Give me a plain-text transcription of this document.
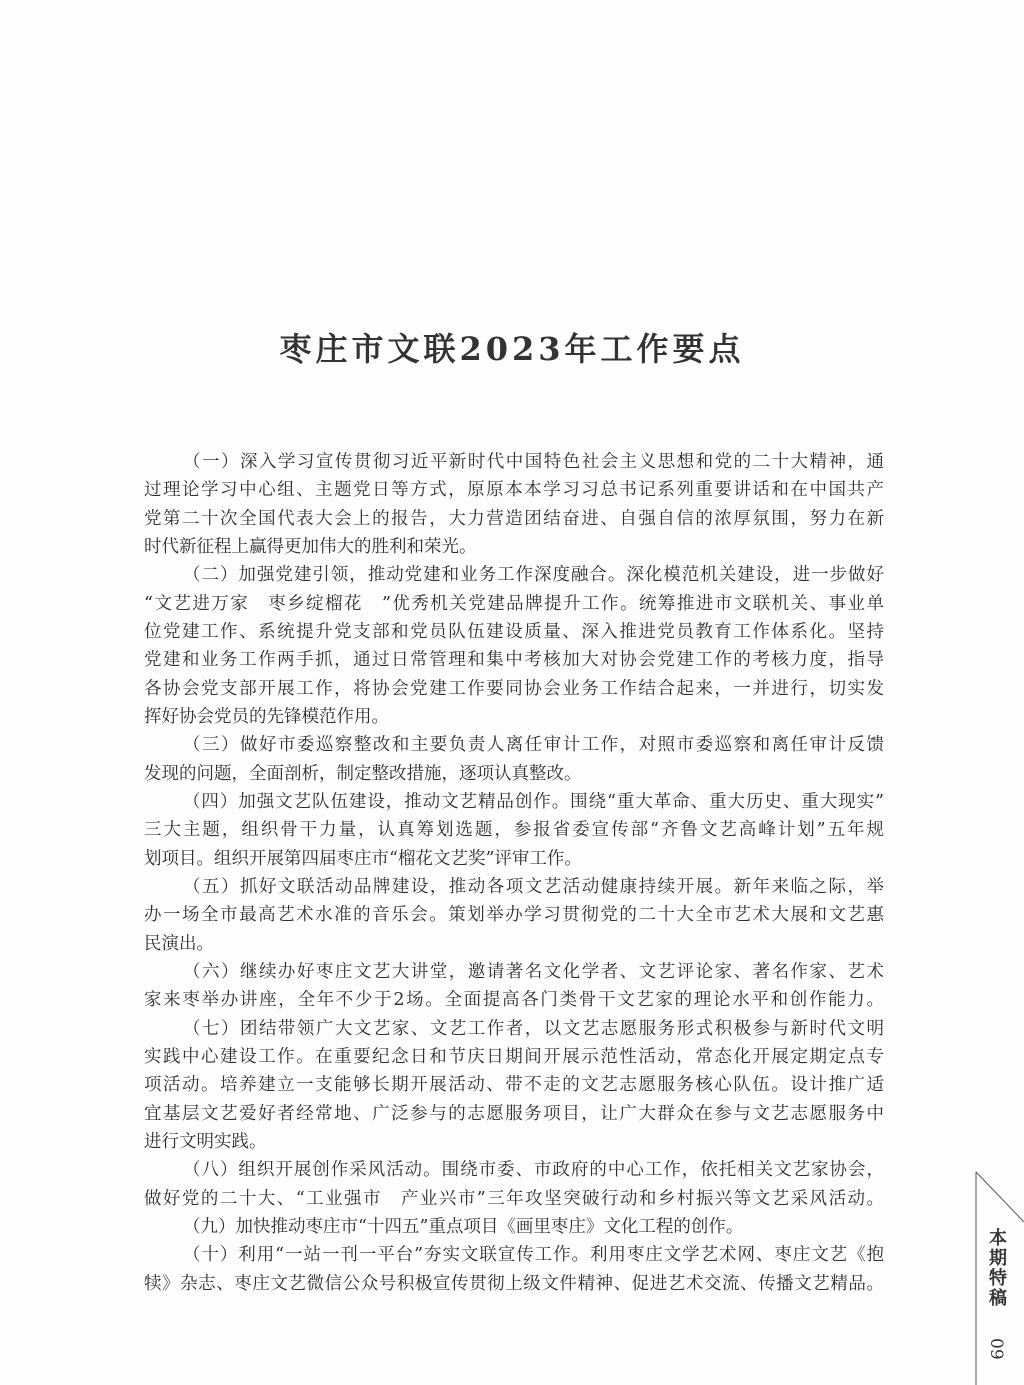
枣庄市文联2023年工作要点
（一）深入学习宣传贯彻习近平新时代中国特色社会主义思想和党的二十大精神，通
过理论学习中心组、主题党日等方式，原原本本学习习总书记系列重要讲话和在中国共产
党第二十次全国代表大会上的报告，大力营造团结奋进、自强自信的浓厚氛围，努力在新
时代新征程上赢得更加伟大的胜利和荣光。
（二）加强党建引领，推动党建和业务工作深度融合。深化模范机关建设，进一步做好
“文艺进万家　枣乡绽榴花　”优秀机关党建品牌提升工作。统筹推进市文联机关、事业单
位党建工作、系统提升党支部和党员队伍建设质量、深入推进党员教育工作体系化。坚持
党建和业务工作两手抓，通过日常管理和集中考核加大对协会党建工作的考核力度，指导
各协会党支部开展工作，将协会党建工作要同协会业务工作结合起来，一并进行，切实发
挥好协会党员的先锋模范作用。
（三）做好市委巡察整改和主要负责人离任审计工作，对照市委巡察和离任审计反馈
发现的问题，全面剖析，制定整改措施，逐项认真整改。
（四）加强文艺队伍建设，推动文艺精品创作。围绕“重大革命、重大历史、重大现实”
三大主题，组织骨干力量，认真筹划选题，参报省委宣传部“齐鲁文艺高峰计划”五年规
划项目。组织开展第四届枣庄市“榴花文艺奖”评审工作。
（五）抓好文联活动品牌建设，推动各项文艺活动健康持续开展。新年来临之际，举
办一场全市最高艺术水准的音乐会。策划举办学习贯彻党的二十大全市艺术大展和文艺惠
民演出。
（六）继续办好枣庄文艺大讲堂，邀请著名文化学者、文艺评论家、著名作家、艺术
家来枣举办讲座，全年不少于2场。全面提高各门类骨干文艺家的理论水平和创作能力。
（七）团结带领广大文艺家、文艺工作者，以文艺志愿服务形式积极参与新时代文明
实践中心建设工作。在重要纪念日和节庆日期间开展示范性活动，常态化开展定期定点专
项活动。培养建立一支能够长期开展活动、带不走的文艺志愿服务核心队伍。设计推广适
宜基层文艺爱好者经常地、广泛参与的志愿服务项目，让广大群众在参与文艺志愿服务中
进行文明实践。
（八）组织开展创作采风活动。围绕市委、市政府的中心工作，依托相关文艺家协会，
做好党的二十大、“工业强市　产业兴市”三年攻坚突破行动和乡村振兴等文艺采风活动。
（九）加快推动枣庄市“十四五”重点项目《画里枣庄》文化工程的创作。
（十）利用“一站一刊一平台”夯实文联宣传工作。利用枣庄文学艺术网、枣庄文艺《抱
犊》杂志、枣庄文艺微信公众号积极宣传贯彻上级文件精神、促进艺术交流、传播文艺精品。	本期特稿
09
